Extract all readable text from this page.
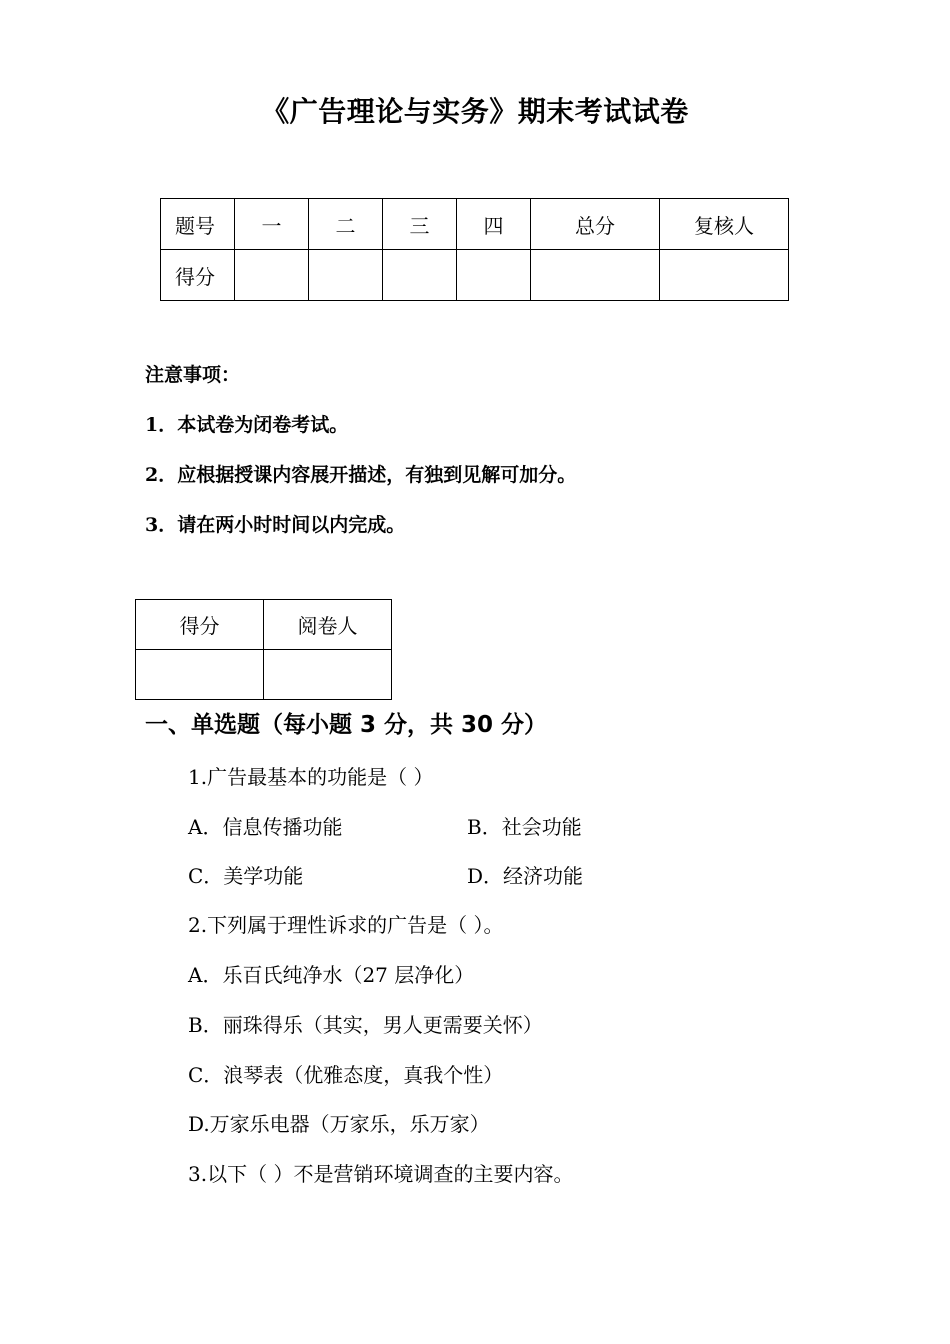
《广告理论与实务》期末考试试卷
题号	一	二	三	四	总分	复核人
得分						
注意事项：
1．本试卷为闭卷考试。
2．应根据授课内容展开描述，有独到见解可加分。
3．请在两小时时间以内完成。
得分	阅卷人

一、单选题（每小题 3 分，共 30 分）
1.广告最基本的功能是（ ）
A．信息传播功能	B．社会功能
C．美学功能	D．经济功能
2.下列属于理性诉求的广告是（ ）。
A．乐百氏纯净水（27 层净化）
B．丽珠得乐（其实，男人更需要关怀）
C．浪琴表（优雅态度，真我个性）
D.万家乐电器（万家乐，乐万家）
3.以下（ ）不是营销环境调查的主要内容。
